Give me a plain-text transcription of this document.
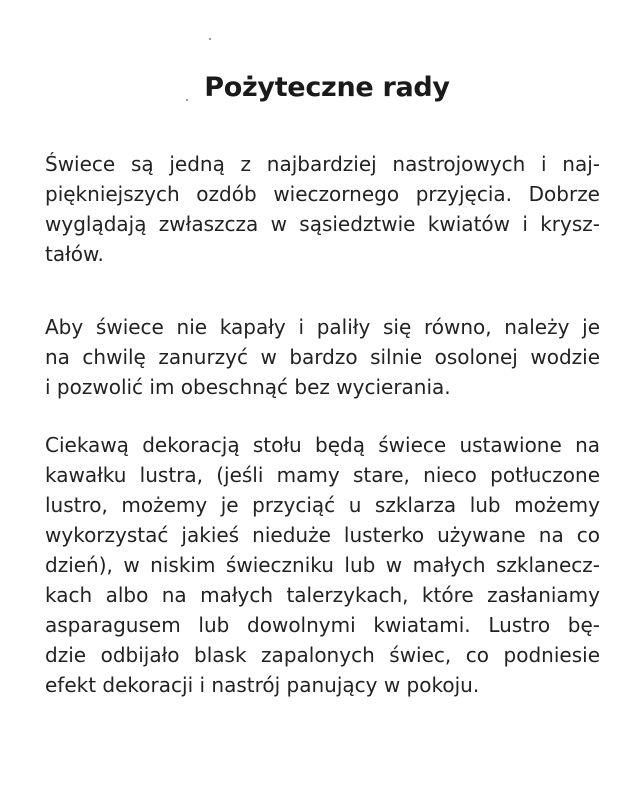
Pożyteczne rady
Świece są jedną z najbardziej nastrojowych i naj-
piękniejszych ozdób wieczornego przyjęcia. Dobrze
wyglądają zwłaszcza w sąsiedztwie kwiatów i krysz-
tałów.
Aby świece nie kapały i paliły się równo, należy je
na chwilę zanurzyć w bardzo silnie osolonej wodzie
i pozwolić im obeschnąć bez wycierania.
Ciekawą dekoracją stołu będą świece ustawione na
kawałku lustra, (jeśli mamy stare, nieco potłuczone
lustro, możemy je przyciąć u szklarza lub możemy
wykorzystać jakieś nieduże lusterko używane na co
dzień), w niskim świeczniku lub w małych szklanecz-
kach albo na małych talerzykach, które zasłaniamy
asparagusem lub dowolnymi kwiatami. Lustro bę-
dzie odbijało blask zapalonych świec, co podniesie
efekt dekoracji i nastrój panujący w pokoju.
